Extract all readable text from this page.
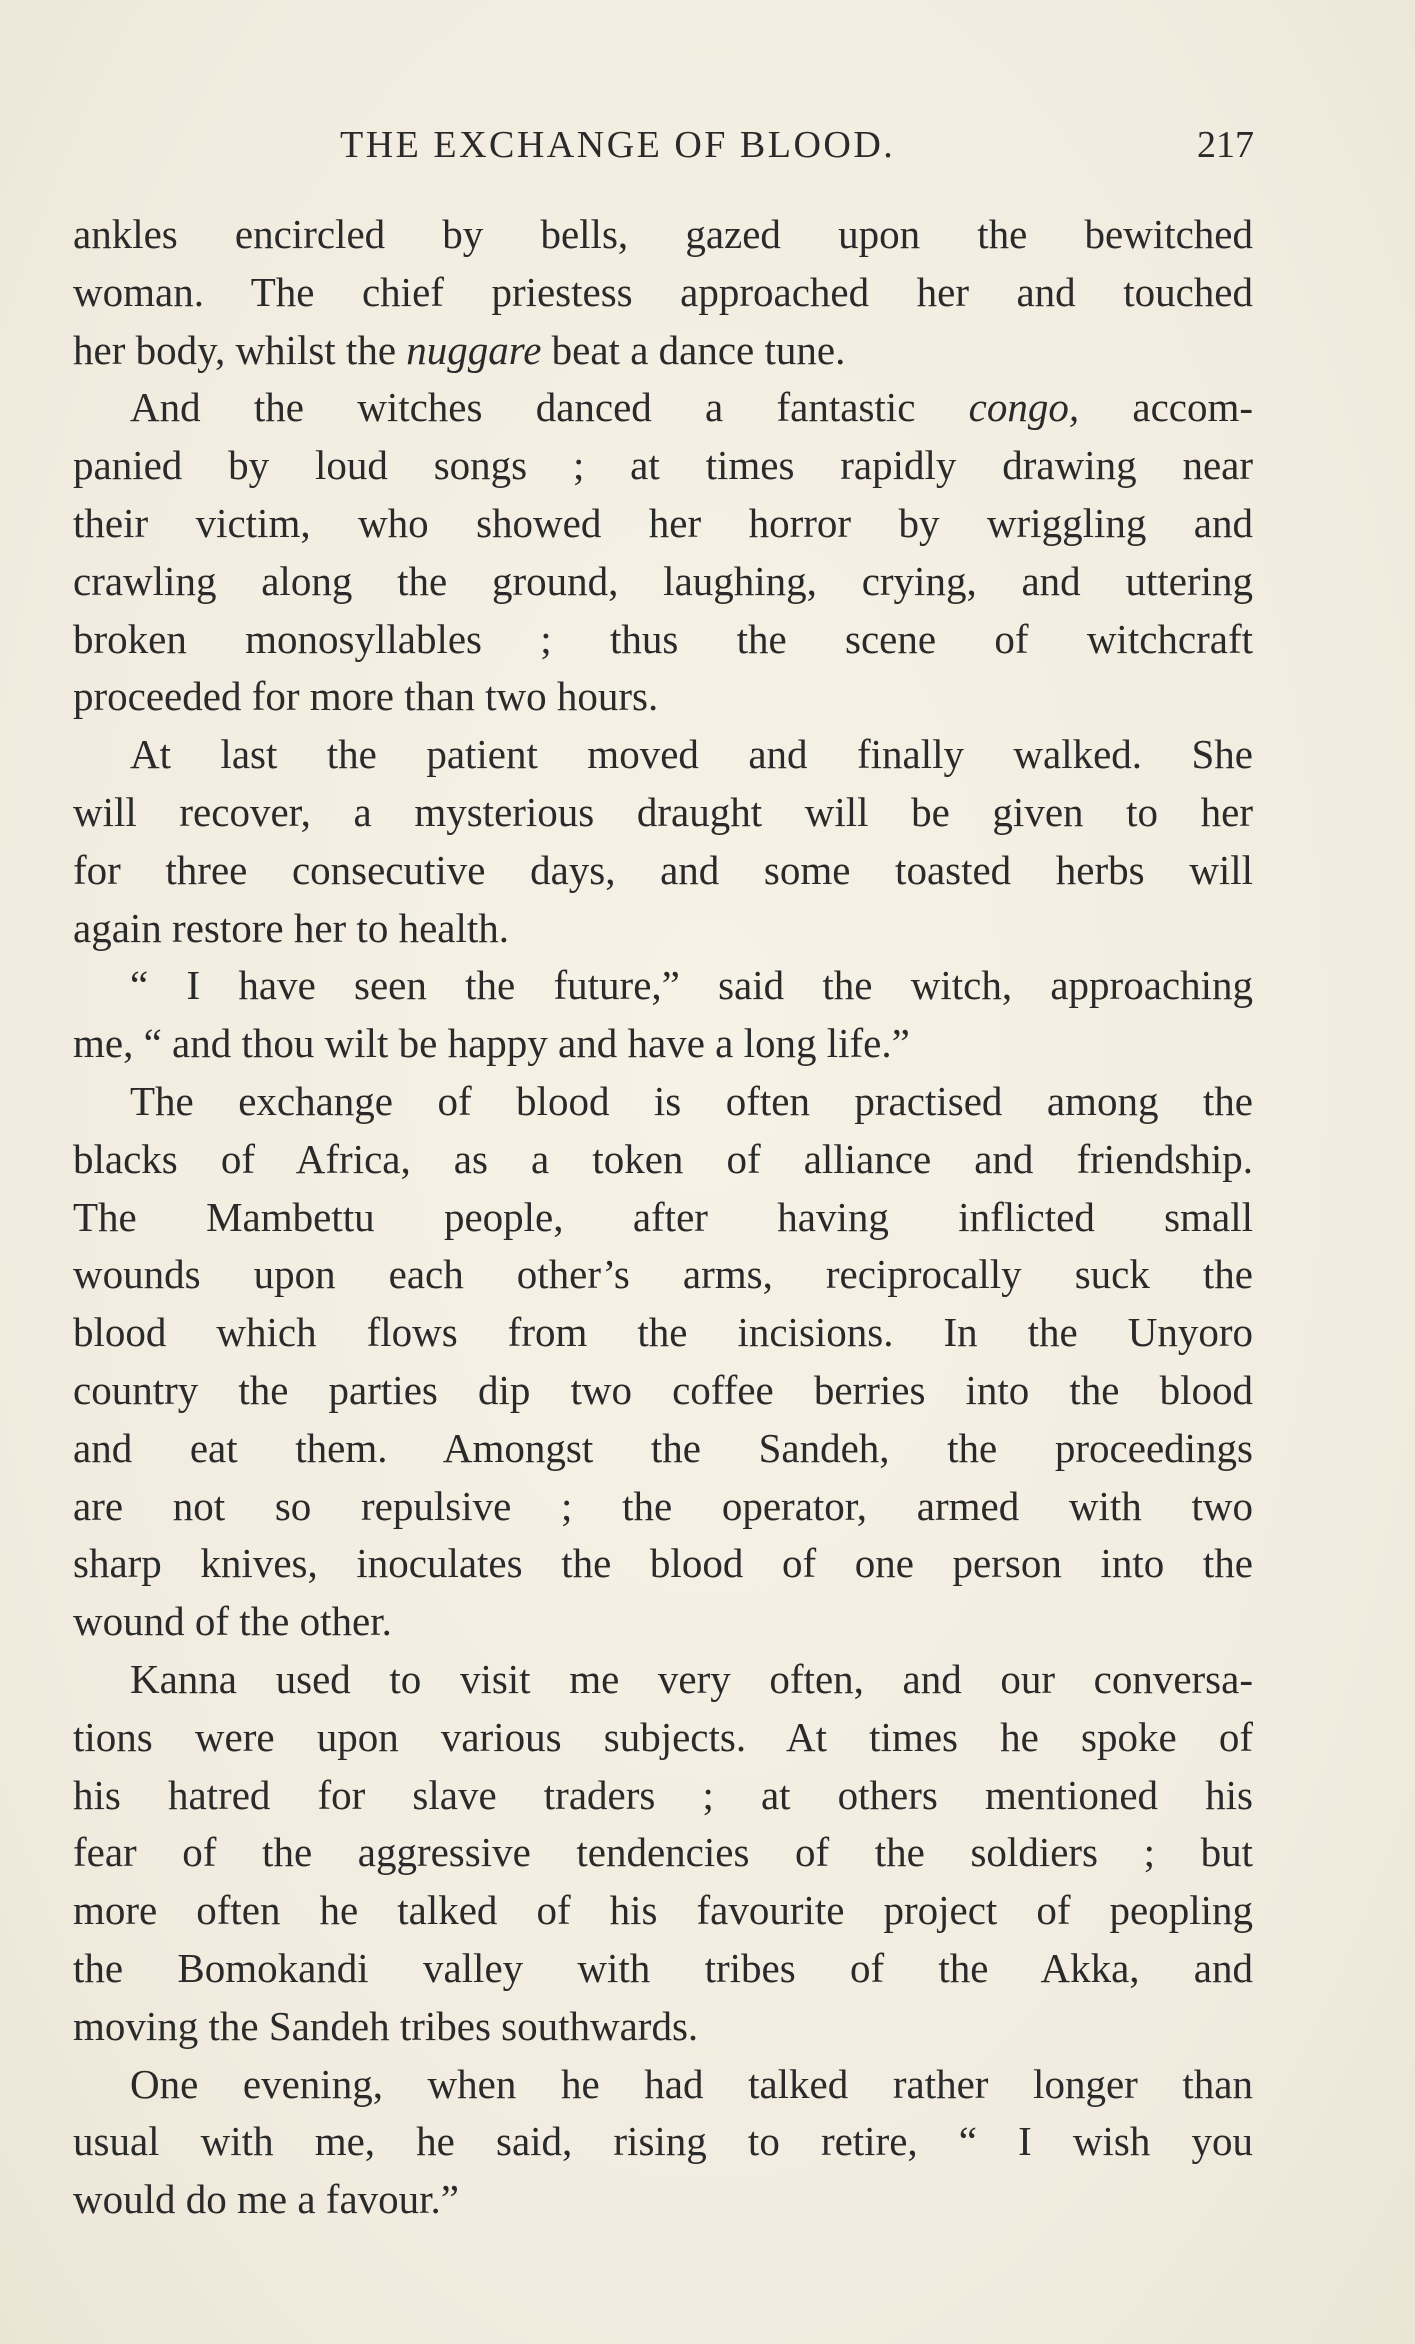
THE EXCHANGE OF BLOOD.	217
ankles encircled by bells, gazed upon the bewitched
woman. The chief priestess approached her and touched
her body, whilst the nuggare beat a dance tune.
And the witches danced a fantastic congo, accom-
panied by loud songs ; at times rapidly drawing near
their victim, who showed her horror by wriggling and
crawling along the ground, laughing, crying, and uttering
broken monosyllables ; thus the scene of witchcraft
proceeded for more than two hours.
At last the patient moved and finally walked. She
will recover, a mysterious draught will be given to her
for three consecutive days, and some toasted herbs will
again restore her to health.
“ I have seen the future,” said the witch, approaching
me, “ and thou wilt be happy and have a long life.”
The exchange of blood is often practised among the
blacks of Africa, as a token of alliance and friendship.
The Mambettu people, after having inflicted small
wounds upon each other’s arms, reciprocally suck the
blood which flows from the incisions. In the Unyoro
country the parties dip two coffee berries into the blood
and eat them. Amongst the Sandeh, the proceedings
are not so repulsive ; the operator, armed with two
sharp knives, inoculates the blood of one person into the
wound of the other.
Kanna used to visit me very often, and our conversa-
tions were upon various subjects. At times he spoke of
his hatred for slave traders ; at others mentioned his
fear of the aggressive tendencies of the soldiers ; but
more often he talked of his favourite project of peopling
the Bomokandi valley with tribes of the Akka, and
moving the Sandeh tribes southwards.
One evening, when he had talked rather longer than
usual with me, he said, rising to retire, “ I wish you
would do me a favour.”
